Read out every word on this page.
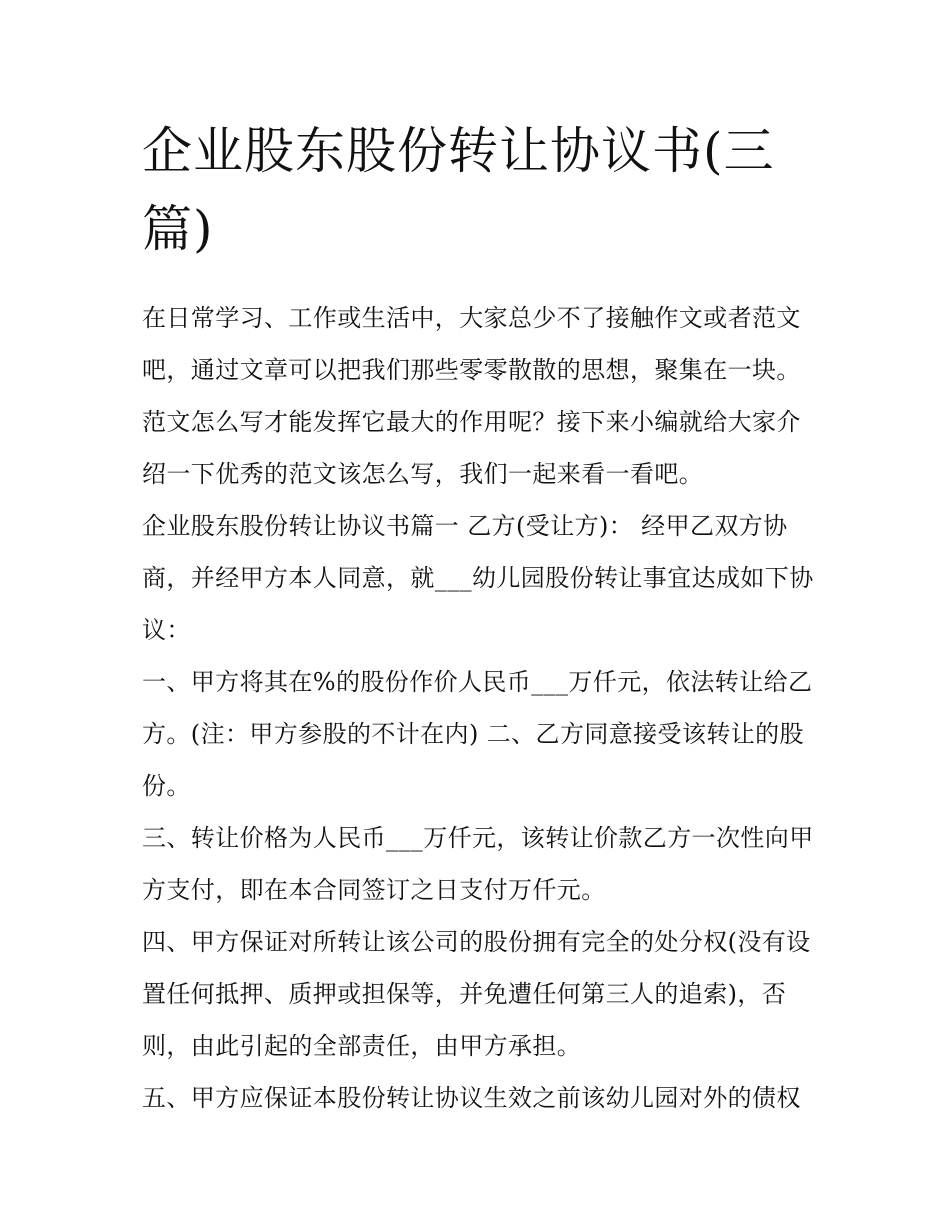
企业股东股份转让协议书(三篇)

在日常学习、工作或生活中，大家总少不了接触作文或者范文吧，通过文章可以把我们那些零零散散的思想，聚集在一块。范文怎么写才能发挥它最大的作用呢？接下来小编就给大家介绍一下优秀的范文该怎么写，我们一起来看一看吧。

企业股东股份转让协议书篇一 乙方(受让方)： 经甲乙双方协商，并经甲方本人同意，就___幼儿园股份转让事宜达成如下协议：

一、甲方将其在%的股份作价人民币___万仟元，依法转让给乙方。(注：甲方参股的不计在内) 二、乙方同意接受该转让的股份。

三、转让价格为人民币___万仟元，该转让价款乙方一次性向甲方支付，即在本合同签订之日支付万仟元。

四、甲方保证对所转让该公司的股份拥有完全的处分权(没有设置任何抵押、质押或担保等，并免遭任何第三人的追索)，否则，由此引起的全部责任，由甲方承担。

五、甲方应保证本股份转让协议生效之前该幼儿园对外的债权
